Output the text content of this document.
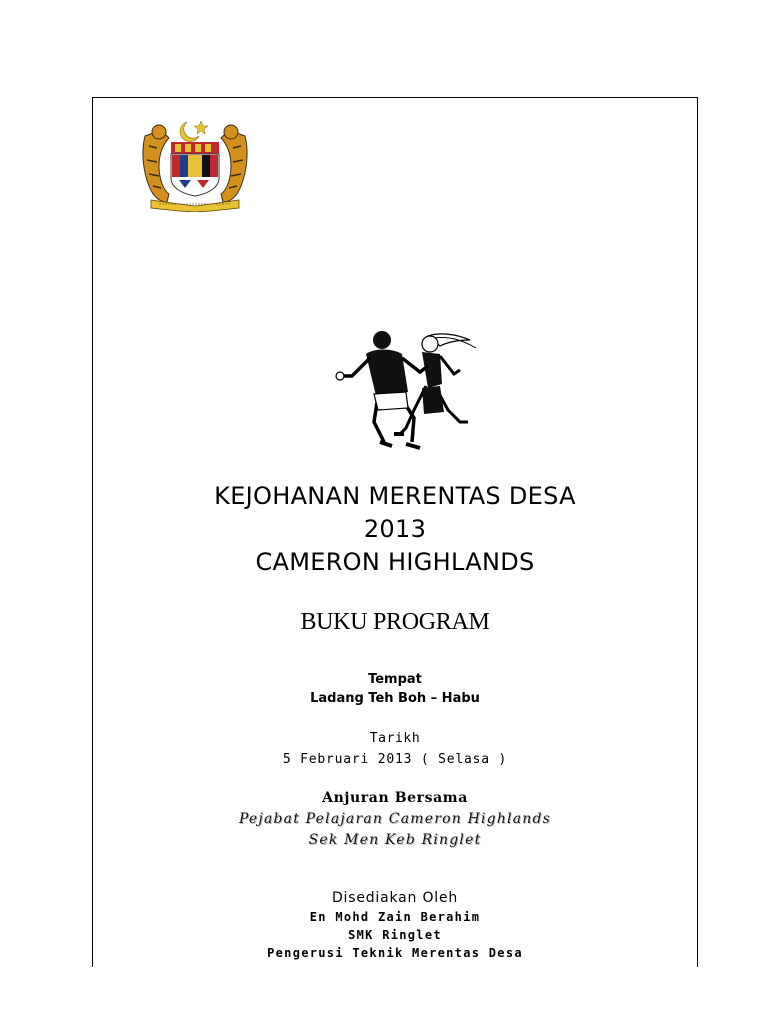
KEJOHANAN MERENTAS DESA
2013
CAMERON HIGHLANDS
BUKU PROGRAM
Tempat
Ladang Teh Boh – Habu
Tarikh
5 Februari 2013 ( Selasa )
Anjuran Bersama
Pejabat Pelajaran Cameron Highlands
Sek Men Keb Ringlet
Disediakan Oleh
En Mohd Zain Berahim
SMK Ringlet
Pengerusi Teknik Merentas Desa
